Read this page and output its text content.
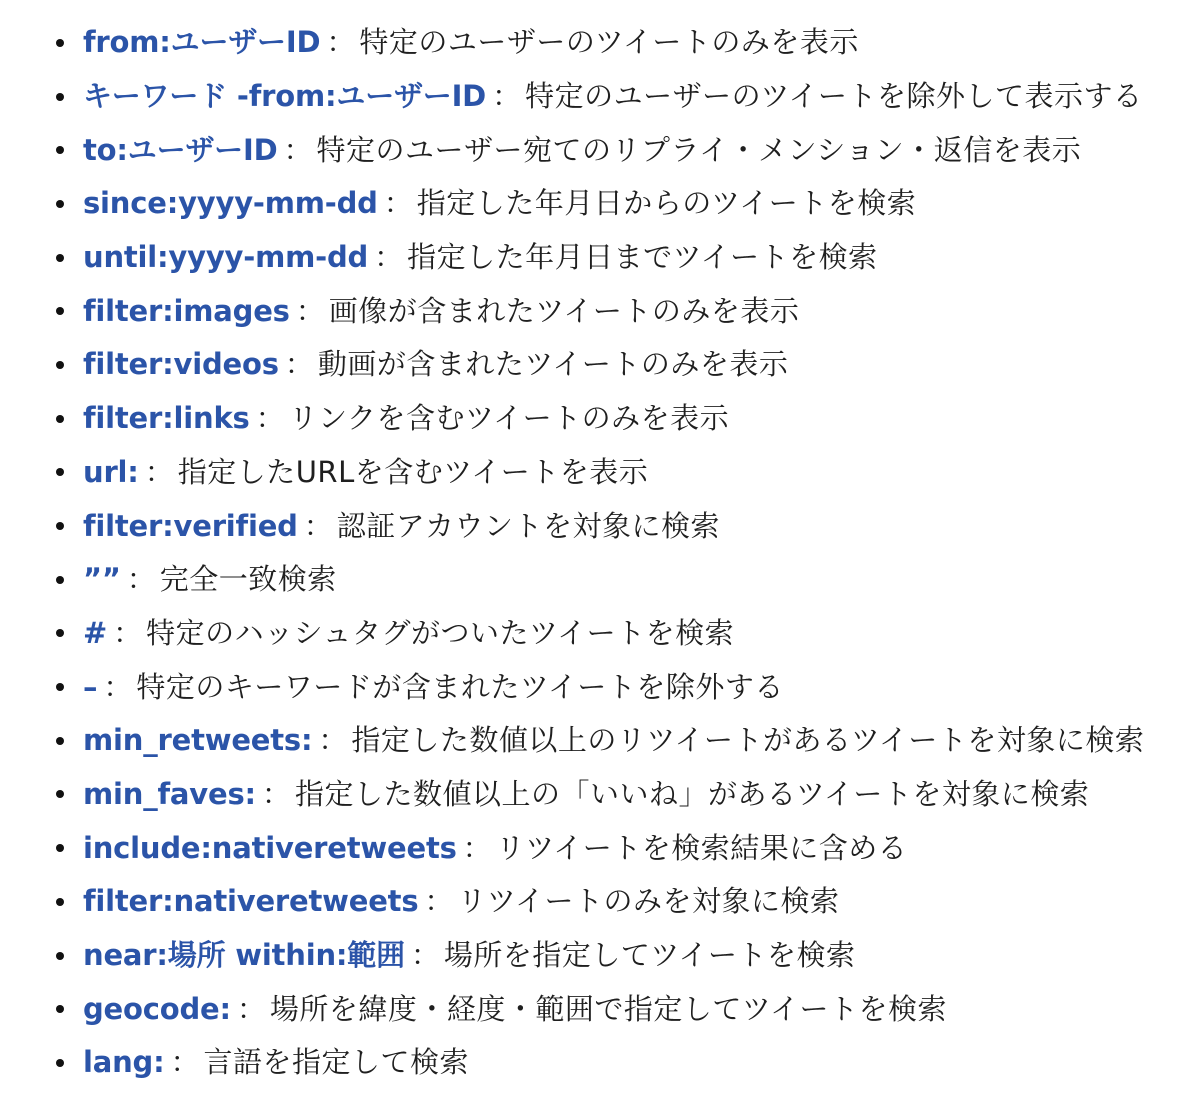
from:ユーザーID ： 特定のユーザーのツイートのみを表示
キーワード -from:ユーザーID ： 特定のユーザーのツイートを除外して表示する
to:ユーザーID ： 特定のユーザー宛てのリプライ・メンション・返信を表示
since:yyyy-mm-dd ： 指定した年月日からのツイートを検索
until:yyyy-mm-dd ： 指定した年月日までツイートを検索
filter:images ： 画像が含まれたツイートのみを表示
filter:videos ： 動画が含まれたツイートのみを表示
filter:links ： リンクを含むツイートのみを表示
url: ： 指定したURLを含むツイートを表示
filter:verified ： 認証アカウントを対象に検索
”” ： 完全一致検索
# ： 特定のハッシュタグがついたツイートを検索
– ： 特定のキーワードが含まれたツイートを除外する
min_retweets: ： 指定した数値以上のリツイートがあるツイートを対象に検索
min_faves: ： 指定した数値以上の「いいね」があるツイートを対象に検索
include:nativeretweets ： リツイートを検索結果に含める
filter:nativeretweets ： リツイートのみを対象に検索
near:場所 within:範囲 ： 場所を指定してツイートを検索
geocode: ： 場所を緯度・経度・範囲で指定してツイートを検索
lang: ： 言語を指定して検索
